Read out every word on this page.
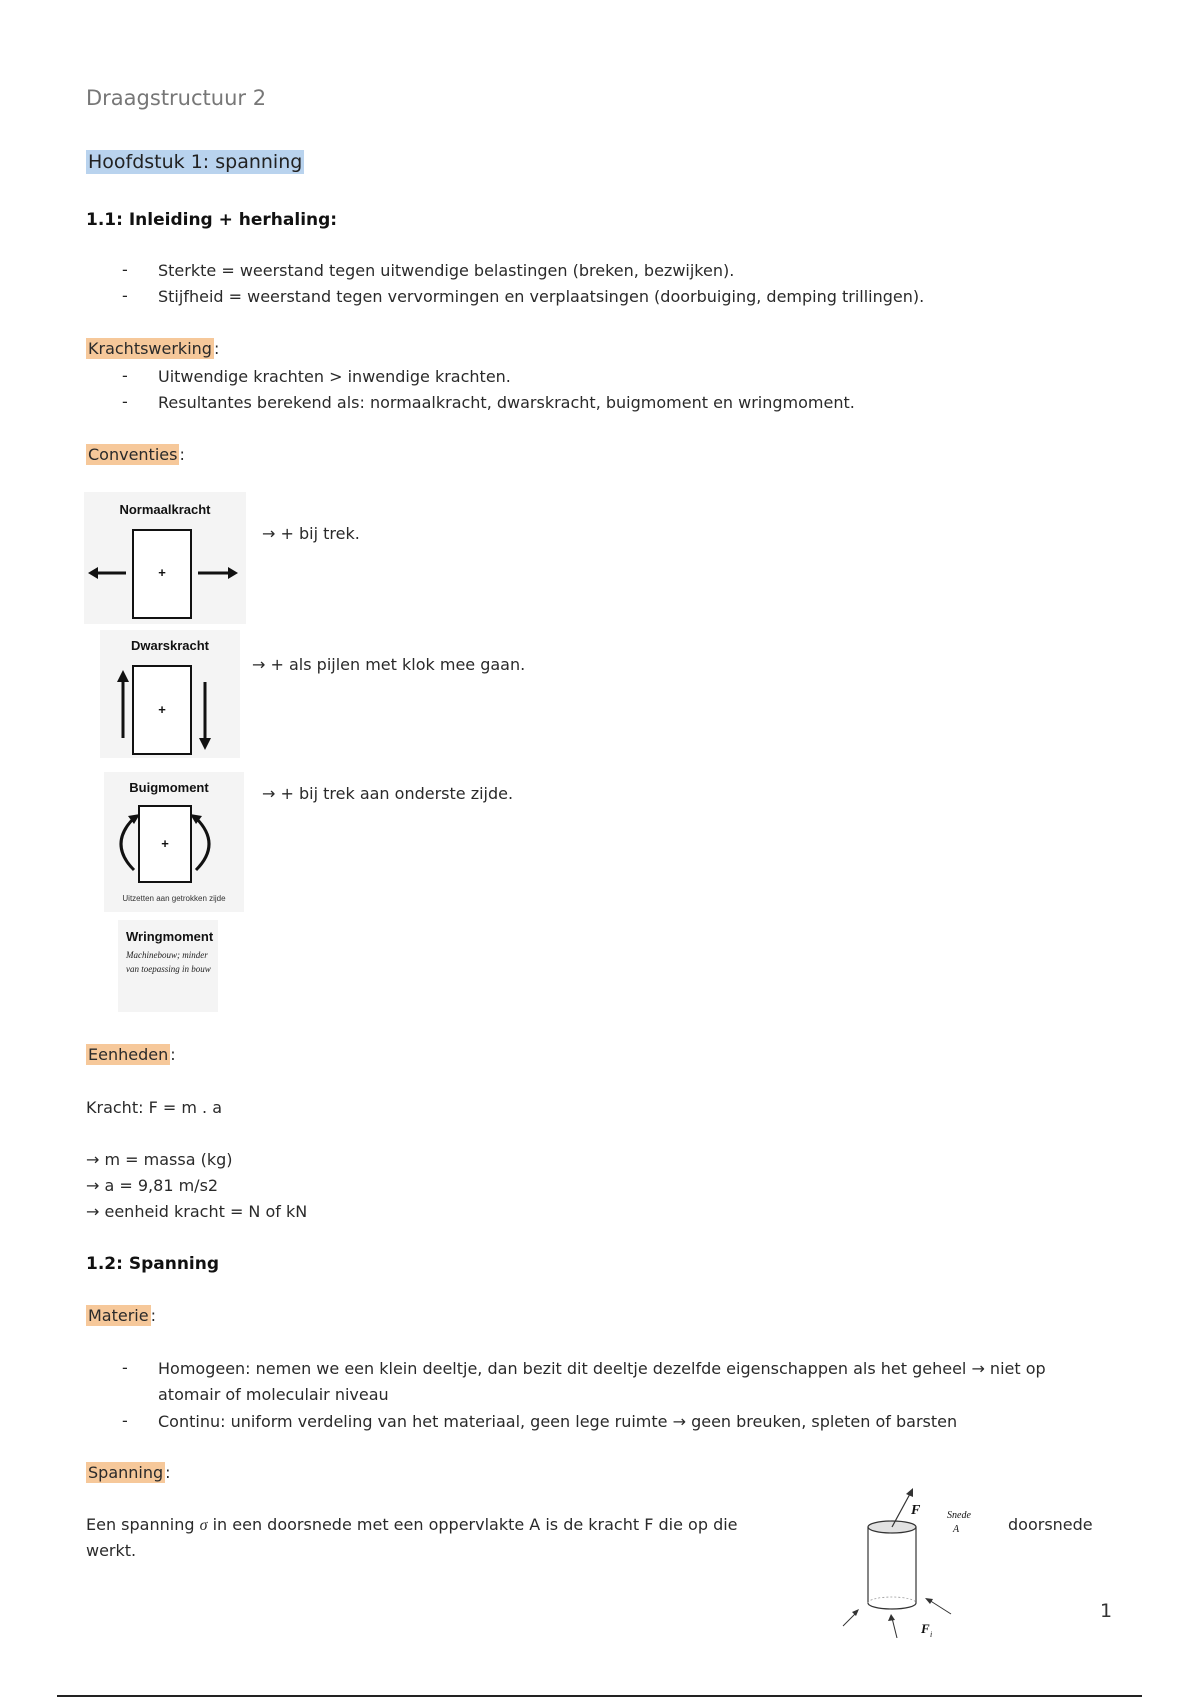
Draagstructuur 2
Hoofdstuk 1: spanning
1.1: Inleiding + herhaling:
- Sterkte = weerstand tegen uitwendige belastingen (breken, bezwijken).
- Stijfheid = weerstand tegen vervormingen en verplaatsingen (doorbuiging, demping trillingen).
Krachtswerking :
- Uitwendige krachten > inwendige krachten.
- Resultantes berekend als: normaalkracht, dwarskracht, buigmoment en wringmoment.
Conventies :
Normaalkracht
+
→ + bij trek.
Dwarskracht
+
→ + als pijlen met klok mee gaan.
Buigmoment
+
Uitzetten aan getrokken zijde
→ + bij trek aan onderste zijde.
Wringmoment
Machinebouw; minder van toepassing in bouw
Eenheden :
Kracht: F = m . a
→ m = massa (kg)
→ a = 9,81 m/s2
→ eenheid kracht = N of kN
1.2: Spanning
Materie :
- Homogeen: nemen we een klein deeltje, dan bezit dit deeltje dezelfde eigenschappen als het geheel → niet op
atomair of moleculair niveau
- Continu: uniform verdeling van het materiaal, geen lege ruimte → geen breuken, spleten of barsten
Spanning :
Een spanning σ in een doorsnede met een oppervlakte A is de kracht F die op die
werkt.
doorsnede
F	Snede
A
F i
1
